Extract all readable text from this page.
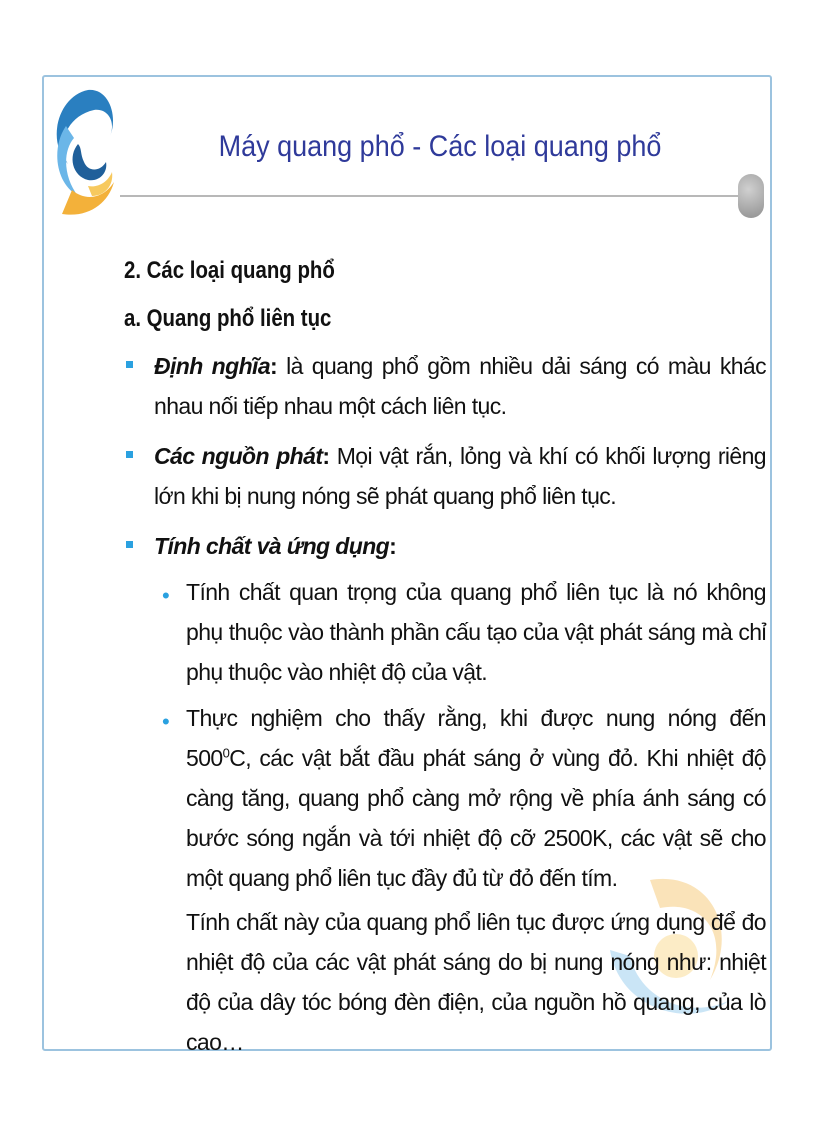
Máy quang phổ - Các loại quang phổ
2. Các loại quang phổ
a. Quang phổ liên tục
Định nghĩa: là quang phổ gồm nhiều dải sáng có màu khác nhau nối tiếp nhau một cách liên tục.
Các nguồn phát: Mọi vật rắn, lỏng và khí có khối lượng riêng lớn khi bị nung nóng sẽ phát quang phổ liên tục.
Tính chất và ứng dụng:
• Tính chất quan trọng của quang phổ liên tục là nó không phụ thuộc vào thành phần cấu tạo của vật phát sáng mà chỉ phụ thuộc vào nhiệt độ của vật.
• Thực nghiệm cho thấy rằng, khi được nung nóng đến $500^0C$, các vật bắt đầu phát sáng ở vùng đỏ. Khi nhiệt độ càng tăng, quang phổ càng mở rộng về phía ánh sáng có bước sóng ngắn và tới nhiệt độ cỡ 2500K, các vật sẽ cho một quang phổ liên tục đầy đủ từ đỏ đến tím.
Tính chất này của quang phổ liên tục được ứng dụng để đo nhiệt độ của các vật phát sáng do bị nung nóng như: nhiệt độ của dây tóc bóng đèn điện, của nguồn hồ quang, của lò cao…
